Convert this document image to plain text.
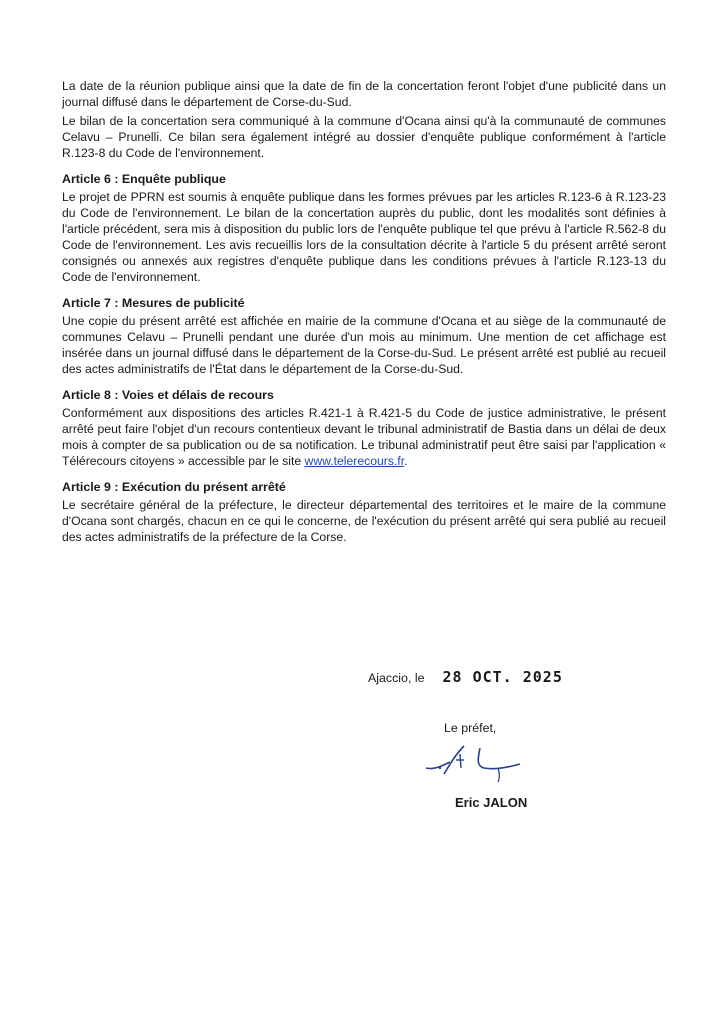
La date de la réunion publique ainsi que la date de fin de la concertation feront l'objet d'une publicité dans un journal diffusé dans le département de Corse-du-Sud.

Le bilan de la concertation sera communiqué à la commune d'Ocana ainsi qu'à la communauté de communes Celavu – Prunelli. Ce bilan sera également intégré au dossier d'enquête publique conformément à l'article R.123-8 du Code de l'environnement.

Article 6 : Enquête publique

Le projet de PPRN est soumis à enquête publique dans les formes prévues par les articles R.123-6 à R.123-23 du Code de l'environnement. Le bilan de la concertation auprès du public, dont les modalités sont définies à l'article précédent, sera mis à disposition du public lors de l'enquête publique tel que prévu à l'article R.562-8 du Code de l'environnement. Les avis recueillis lors de la consultation décrite à l'article 5 du présent arrêté seront consignés ou annexés aux registres d'enquête publique dans les conditions prévues à l'article R.123-13 du Code de l'environnement.

Article 7 : Mesures de publicité

Une copie du présent arrêté est affichée en mairie de la commune d'Ocana et au siège de la communauté de communes Celavu – Prunelli pendant une durée d'un mois au minimum. Une mention de cet affichage est insérée dans un journal diffusé dans le département de la Corse-du-Sud. Le présent arrêté est publié au recueil des actes administratifs de l'État dans le département de la Corse-du-Sud.

Article 8 : Voies et délais de recours

Conformément aux dispositions des articles R.421-1 à R.421-5 du Code de justice administrative, le présent arrêté peut faire l'objet d'un recours contentieux devant le tribunal administratif de Bastia dans un délai de deux mois à compter de sa publication ou de sa notification. Le tribunal administratif peut être saisi par l'application « Télérecours citoyens » accessible par le site www.telerecours.fr.

Article 9 : Exécution du présent arrêté

Le secrétaire général de la préfecture, le directeur départemental des territoires et le maire de la commune d'Ocana sont chargés, chacun en ce qui le concerne, de l'exécution du présent arrêté qui sera publié au recueil des actes administratifs de la préfecture de la Corse.

Ajaccio, le 28 OCT. 2025
Le préfet,
Eric JALON
